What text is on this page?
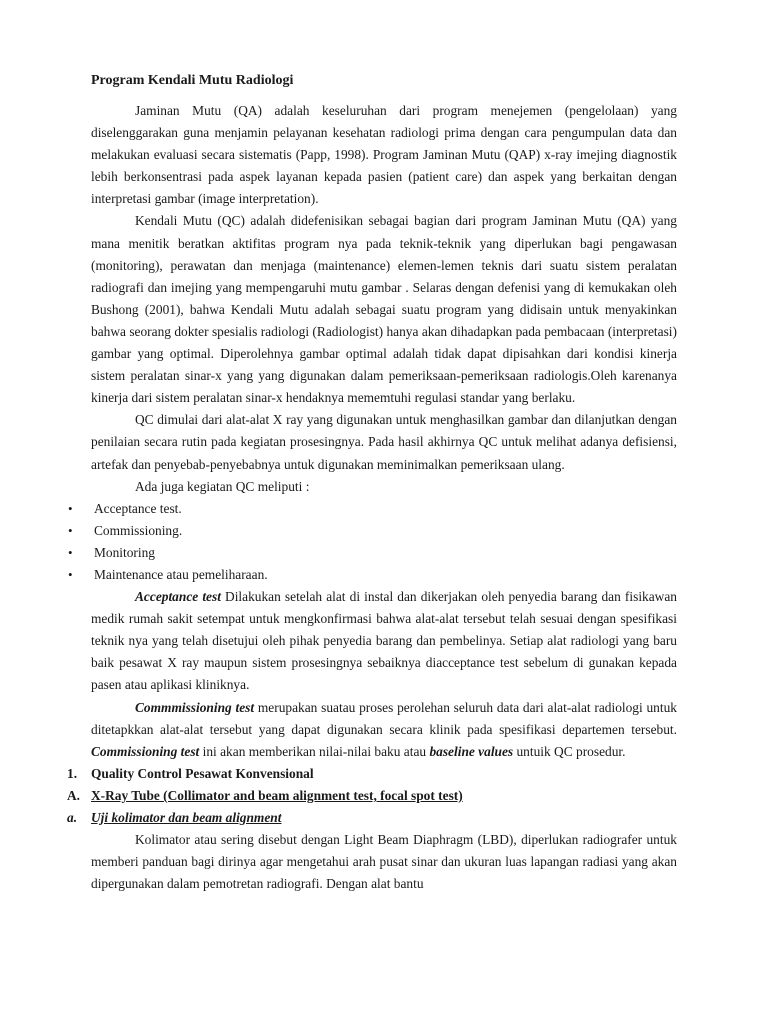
Program Kendali Mutu Radiologi

Jaminan Mutu (QA) adalah keseluruhan dari program menejemen (pengelolaan) yang diselenggarakan guna menjamin pelayanan kesehatan radiologi prima dengan cara pengumpulan data dan melakukan evaluasi secara sistematis (Papp, 1998). Program Jaminan Mutu (QAP) x-ray imejing diagnostik lebih berkonsentrasi pada aspek layanan kepada pasien (patient care) dan aspek yang berkaitan dengan interpretasi gambar (image interpretation).

Kendali Mutu (QC) adalah didefenisikan sebagai bagian dari program Jaminan Mutu (QA) yang mana menitik beratkan aktifitas program nya pada teknik-teknik yang diperlukan bagi pengawasan (monitoring), perawatan dan menjaga (maintenance) elemen-lemen teknis dari suatu sistem peralatan radiografi dan imejing yang mempengaruhi mutu gambar . Selaras dengan defenisi yang di kemukakan oleh Bushong (2001), bahwa Kendali Mutu adalah sebagai suatu program yang didisain untuk menyakinkan bahwa seorang dokter spesialis radiologi (Radiologist) hanya akan dihadapkan pada pembacaan (interpretasi) gambar yang optimal. Diperolehnya gambar optimal adalah tidak dapat dipisahkan dari kondisi kinerja sistem peralatan sinar-x yang yang digunakan dalam pemeriksaan-pemeriksaan radiologis.Oleh karenanya kinerja dari sistem peralatan sinar-x hendaknya mememtuhi regulasi standar yang berlaku.

QC dimulai dari alat-alat X ray yang digunakan untuk menghasilkan gambar dan dilanjutkan dengan penilaian secara rutin pada kegiatan prosesingnya. Pada hasil akhirnya QC untuk melihat adanya defisiensi, artefak dan penyebab-penyebabnya untuk digunakan meminimalkan pemeriksaan ulang.

Ada juga kegiatan QC meliputi :

• Acceptance test.
• Commissioning.
• Monitoring
• Maintenance atau pemeliharaan.

Acceptance test Dilakukan setelah alat di instal dan dikerjakan oleh penyedia barang dan fisikawan medik rumah sakit setempat untuk mengkonfirmasi bahwa alat-alat tersebut telah sesuai dengan spesifikasi teknik nya yang telah disetujui oleh pihak penyedia barang dan pembelinya. Setiap alat radiologi yang baru baik pesawat X ray maupun sistem prosesingnya sebaiknya diacceptance test sebelum di gunakan kepada pasen atau aplikasi kliniknya.

Commmissioning test merupakan suatau proses perolehan seluruh data dari alat-alat radiologi untuk ditetapkkan alat-alat tersebut yang dapat digunakan secara klinik pada spesifikasi departemen tersebut. Commissioning test ini akan memberikan nilai-nilai baku atau baseline values untuik QC prosedur.

1. Quality Control Pesawat Konvensional
A. X-Ray Tube (Collimator and beam alignment test, focal spot test)
a. Uji kolimator dan beam alignment

Kolimator atau sering disebut dengan Light Beam Diaphragm (LBD), diperlukan radiografer untuk memberi panduan bagi dirinya agar mengetahui arah pusat sinar dan ukuran luas lapangan radiasi yang akan dipergunakan dalam pemotretan radiografi. Dengan alat bantu
